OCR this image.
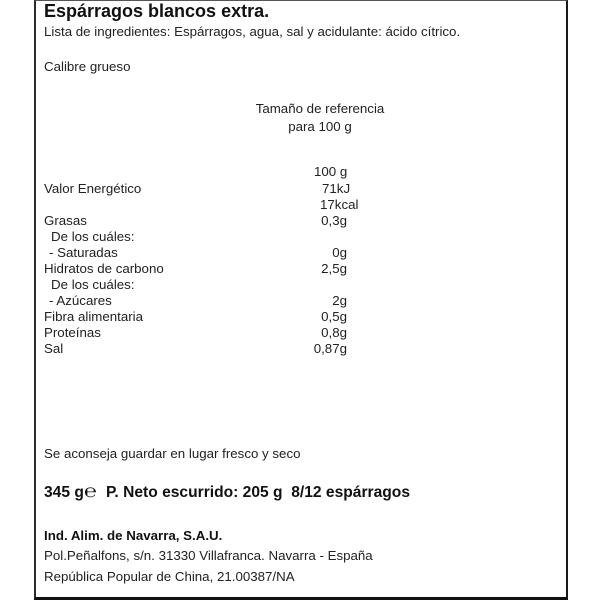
Espárragos blancos extra.
Lista de ingredientes: Espárragos, agua, sal y acidulante: ácido cítrico.
Calibre grueso
Tamaño de referencia
para 100 g
100 g
Valor Energético	71kJ
17kcal
Grasas	0,3g
De los cuáles:
- Saturadas	0g
Hidratos de carbono	2,5g
De los cuáles:
- Azúcares	2g
Fibra alimentaria	0,5g
Proteínas	0,8g
Sal	0,87g
Se aconseja guardar en lugar fresco y seco
345 g℮ P. Neto escurrido: 205 g 8/12 espárragos
Ind. Alim. de Navarra, S.A.U.
Pol.Peñalfons, s/n. 31330 Villafranca. Navarra - España
República Popular de China, 21.00387/NA
